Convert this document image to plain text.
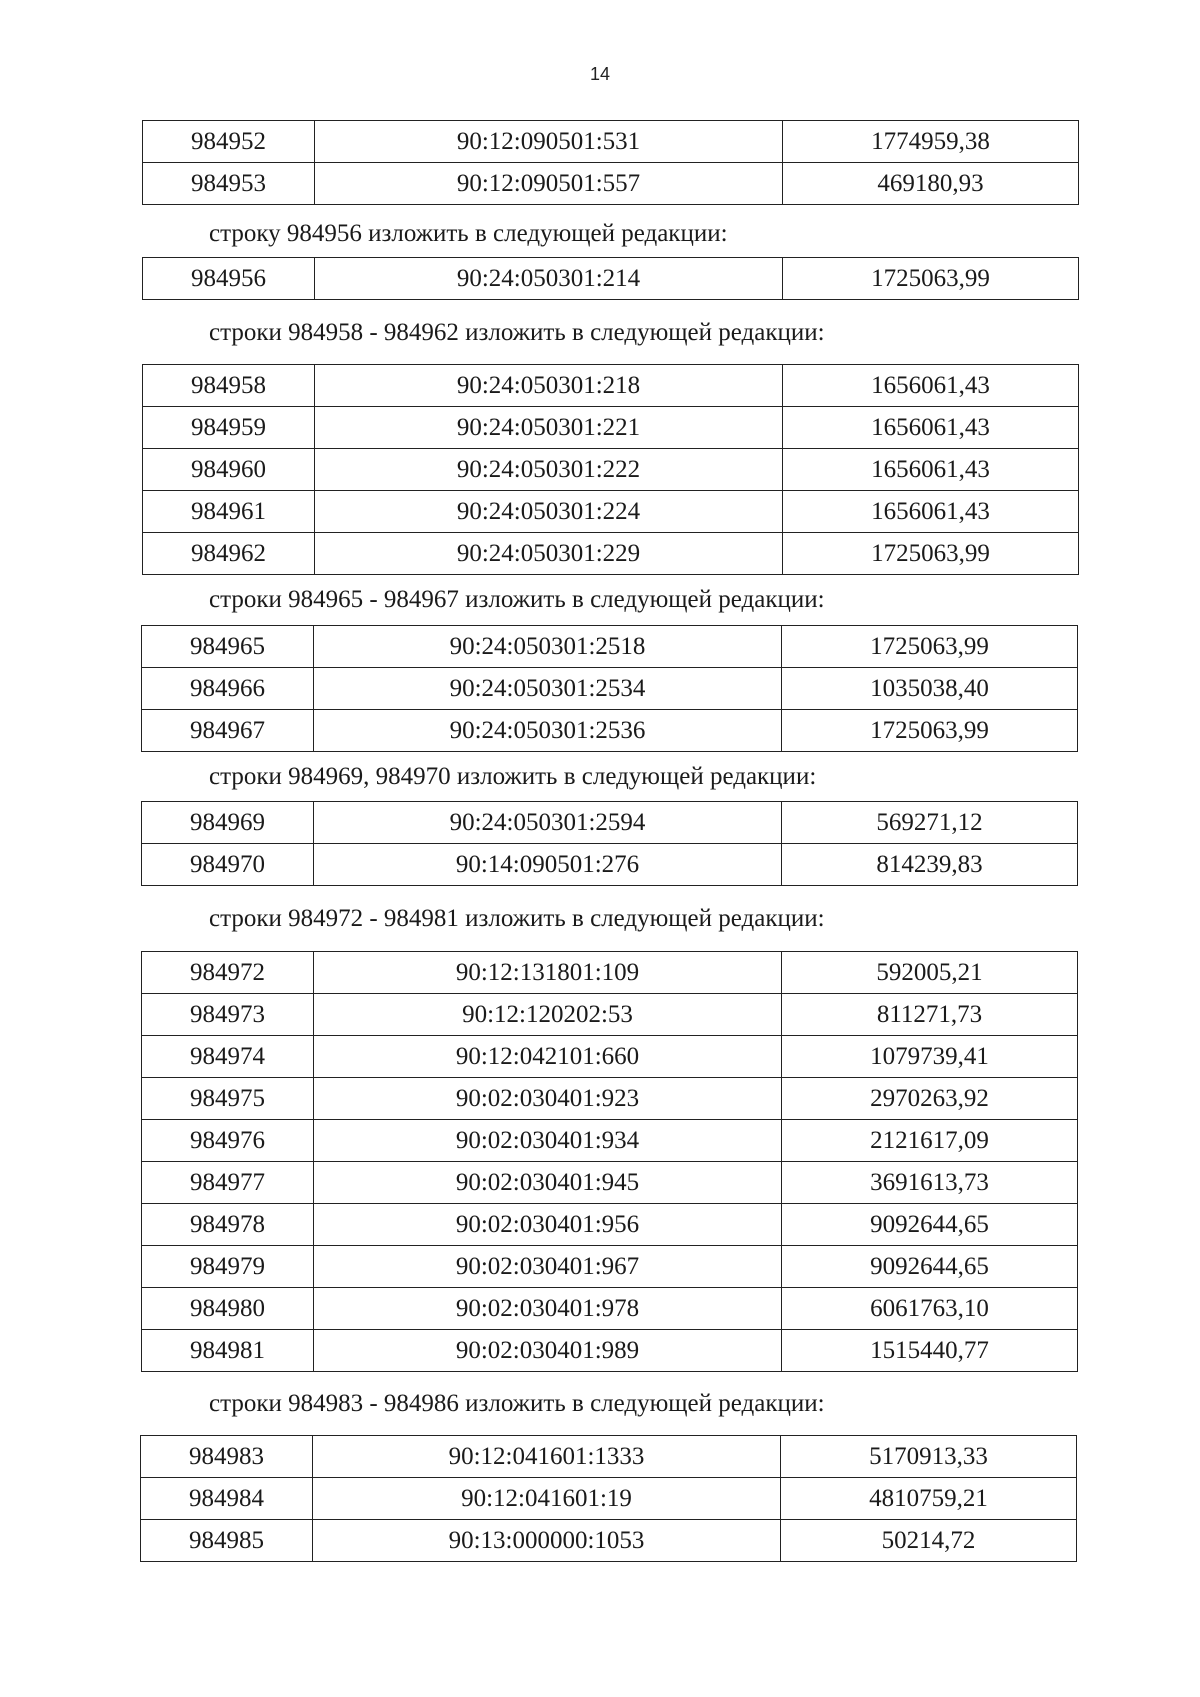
14
984952	90:12:090501:531	1774959,38
984953	90:12:090501:557	469180,93
строку 984956 изложить в следующей редакции:
984956	90:24:050301:214	1725063,99
строки 984958 - 984962 изложить в следующей редакции:
984958	90:24:050301:218	1656061,43
984959	90:24:050301:221	1656061,43
984960	90:24:050301:222	1656061,43
984961	90:24:050301:224	1656061,43
984962	90:24:050301:229	1725063,99
строки 984965 - 984967 изложить в следующей редакции:
984965	90:24:050301:2518	1725063,99
984966	90:24:050301:2534	1035038,40
984967	90:24:050301:2536	1725063,99
строки 984969, 984970 изложить в следующей редакции:
984969	90:24:050301:2594	569271,12
984970	90:14:090501:276	814239,83
строки 984972 - 984981 изложить в следующей редакции:
984972	90:12:131801:109	592005,21
984973	90:12:120202:53	811271,73
984974	90:12:042101:660	1079739,41
984975	90:02:030401:923	2970263,92
984976	90:02:030401:934	2121617,09
984977	90:02:030401:945	3691613,73
984978	90:02:030401:956	9092644,65
984979	90:02:030401:967	9092644,65
984980	90:02:030401:978	6061763,10
984981	90:02:030401:989	1515440,77
строки 984983 - 984986 изложить в следующей редакции:
984983	90:12:041601:1333	5170913,33
984984	90:12:041601:19	4810759,21
984985	90:13:000000:1053	50214,72
